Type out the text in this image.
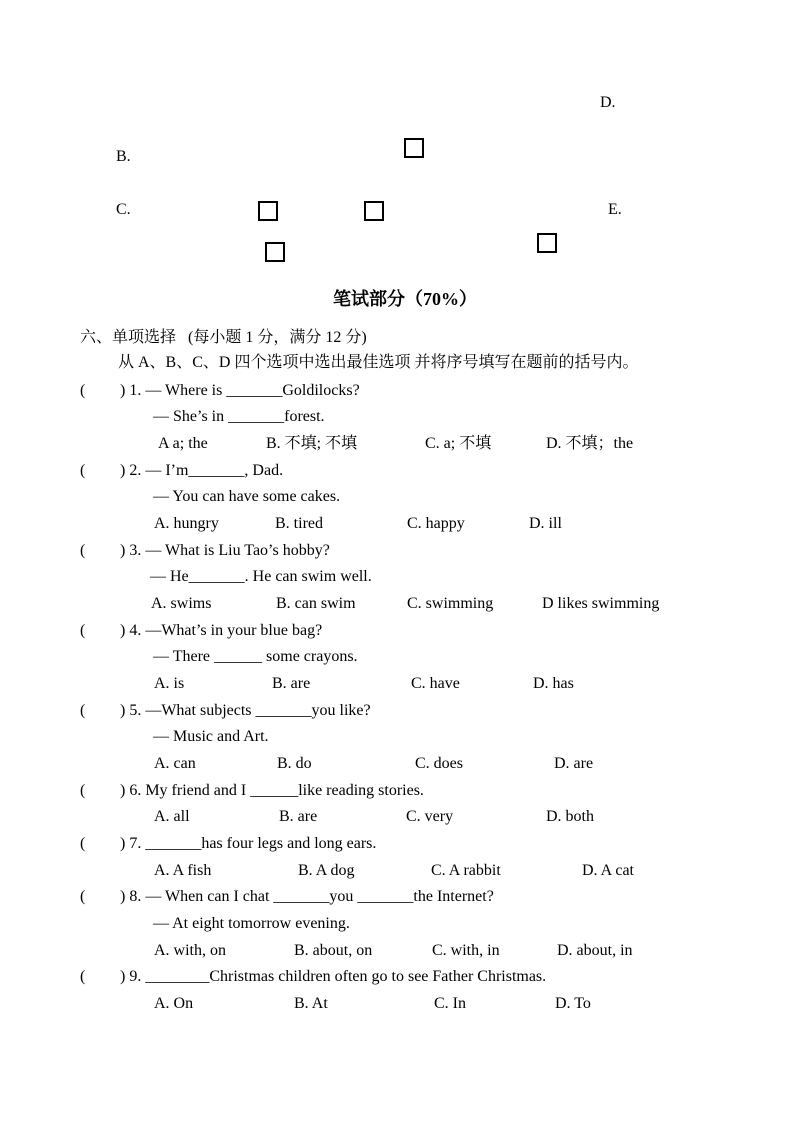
D.
B.
C.	E.
笔试部分（70%）
六、单项选择 (每小题 1 分，满分 12 分)
从 A、B、C、D 四个选项中选出最佳选项 并将序号填写在题前的括号内。
( ) 1. — Where is _______Goldilocks?
— She’s in _______forest.
A a; the	B. 不填; 不填	C. a; 不填	D. 不填；the
( ) 2. — I’m_______, Dad.
— You can have some cakes.
A. hungry	B. tired	C. happy	D. ill
( ) 3. — What is Liu Tao’s hobby?
— He_______. He can swim well.
A. swims	B. can swim	C. swimming	D likes swimming
( ) 4. —What’s in your blue bag?
— There ______ some crayons.
A. is	B. are	C. have	D. has
( ) 5. —What subjects _______you like?
— Music and Art.
A. can	B. do	C. does	D. are
( ) 6. My friend and I ______like reading stories.
A. all	B. are	C. very	D. both
( ) 7. _______has four legs and long ears.
A. A fish	B. A dog	C. A rabbit	D. A cat
( ) 8. — When can I chat _______you _______the Internet?
— At eight tomorrow evening.
A. with, on	B. about, on	C. with, in	D. about, in
( ) 9. ________Christmas children often go to see Father Christmas.
A. On	B. At	C. In	D. To
